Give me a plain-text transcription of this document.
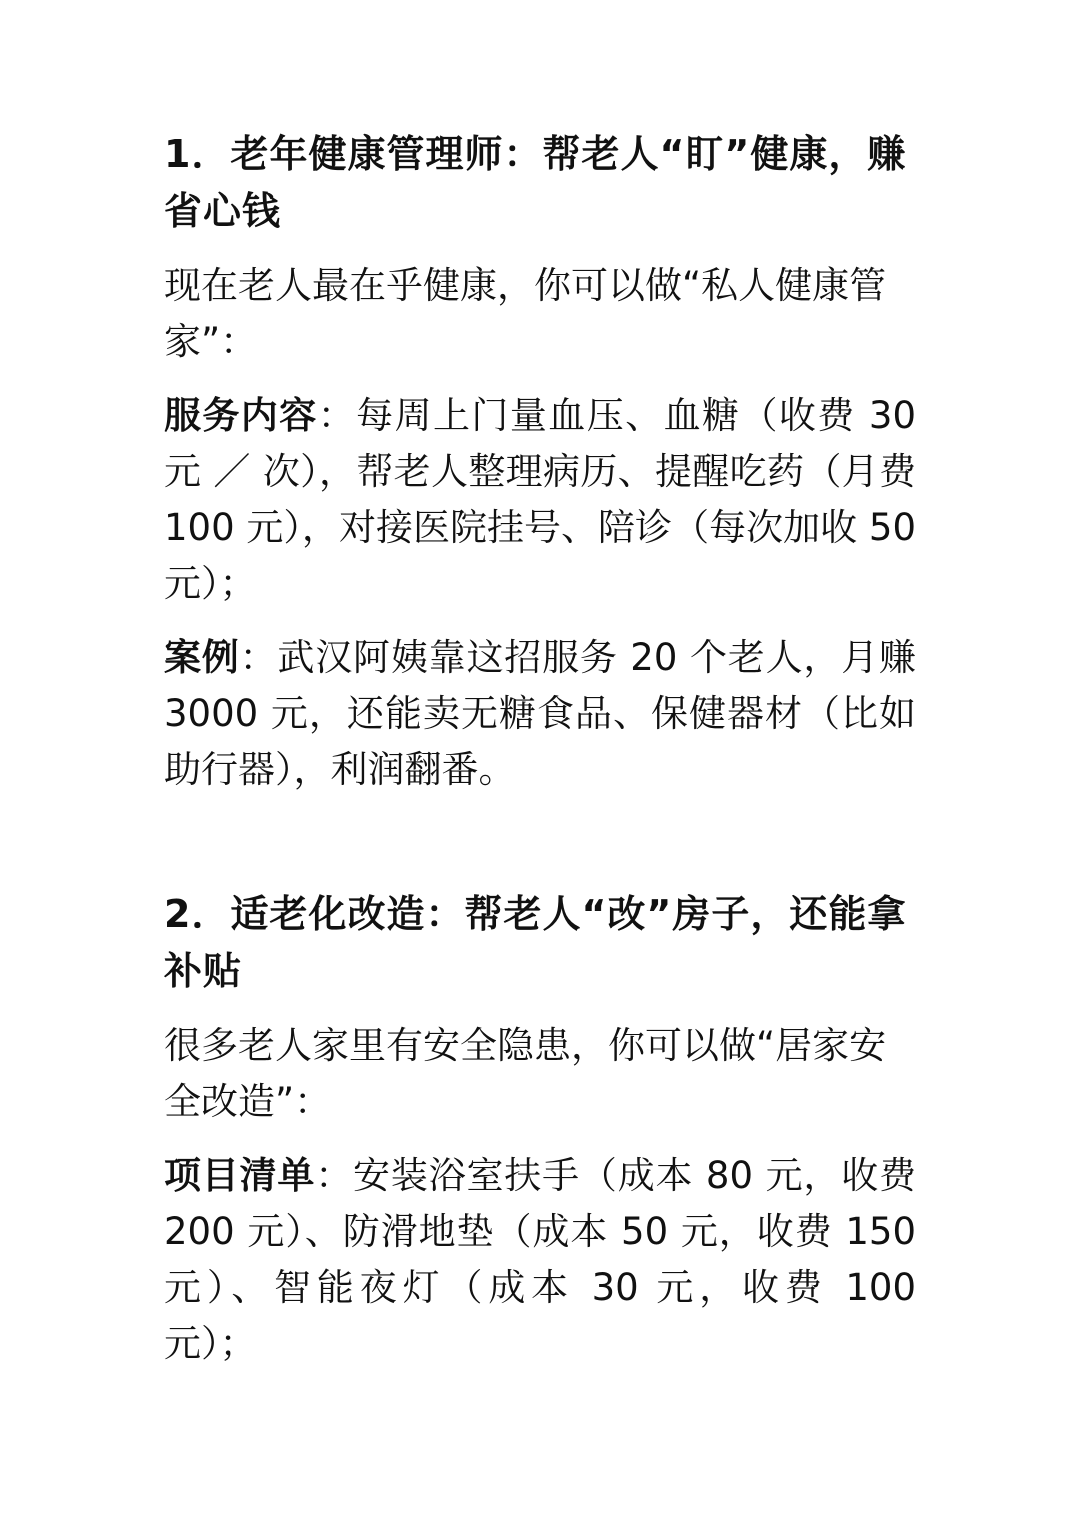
1．老年健康管理师：帮老人“盯”健康，赚省心钱
现在老人最在乎健康，你可以做“私人健康管家”：
服务内容：每周上门量血压、血糖（收费 30 元 ／ 次），帮老人整理病历、提醒吃药（月费 100 元），对接医院挂号、陪诊（每次加收 50 元）；
案例：武汉阿姨靠这招服务 20 个老人，月赚 3000 元，还能卖无糖食品、保健器材（比如助行器），利润翻番。
2．适老化改造：帮老人“改”房子，还能拿补贴
很多老人家里有安全隐患，你可以做“居家安全改造”：
项目清单：安装浴室扶手（成本 80 元，收费 200 元）、防滑地垫（成本 50 元，收费 150 元）、智能夜灯（成本 30 元，收费 100 元）；
